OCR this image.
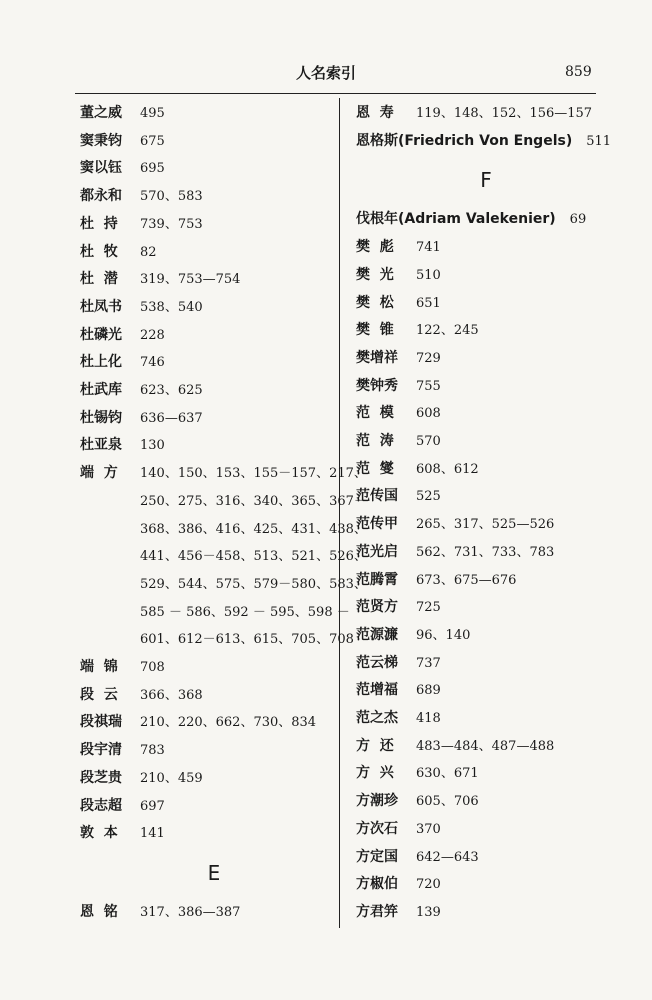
人名索引	859
董之威	495
窦秉钧	675
窦以钰	695
都永和	570、583
杜  持	739、753
杜  牧	82
杜  潜	319、753—754
杜凤书	538、540
杜磷光	228
杜上化	746
杜武库	623、625
杜锡钧	636—637
杜亚泉	130
端  方	140、150、153、155－157、217、
250、275、316、340、365、367－
368、386、416、425、431、438、
441、456－458、513、521、526、
529、544、575、579－580、583、
585 － 586、592 － 595、598 －
601、612－613、615、705、708
端  锦	708
段  云	366、368
段祺瑞	210、220、662、730、834
段宇清	783
段芝贵	210、459
段志超	697
敦  本	141
E
恩  铭	317、386—387
恩  寿	119、148、152、156—157
恩格斯(Friedrich Von Engels)	511
F
伐根年(Adriam Valekenier)	69
樊  彪	741
樊  光	510
樊  松	651
樊  锥	122、245
樊增祥	729
樊钟秀	755
范  模	608
范  涛	570
范  燮	608、612
范传国	525
范传甲	265、317、525—526
范光启	562、731、733、783
范腾霄	673、675—676
范贤方	725
范源濂	96、140
范云梯	737
范增福	689
范之杰	418
方  还	483—484、487—488
方  兴	630、671
方潮珍	605、706
方次石	370
方定国	642—643
方椒伯	720
方君笄	139
